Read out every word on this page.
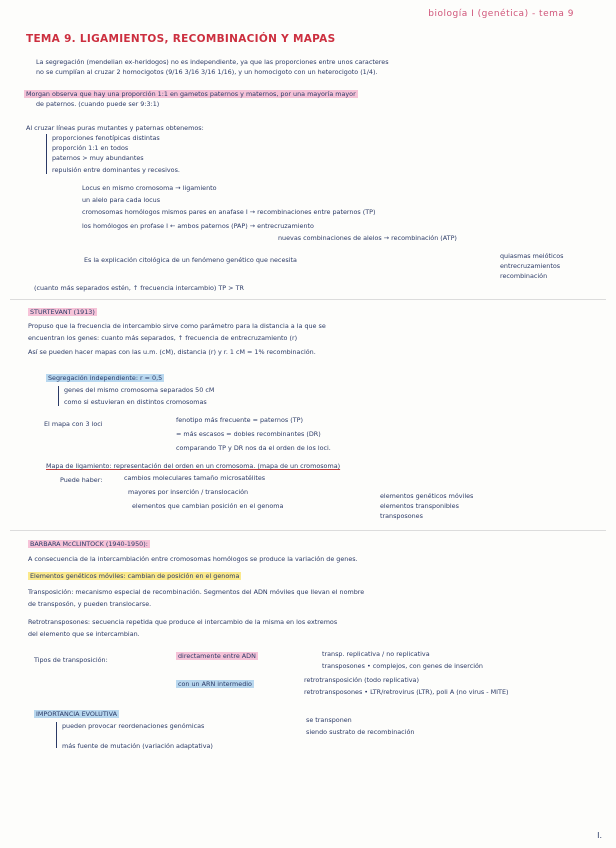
biología I (genética) - tema 9
TEMA 9. LIGAMIENTOS, RECOMBINACIÓN Y MAPAS
La segregación (mendelian ex-heridogos) no es independiente, ya que las proporciones entre unos caracteres
no se cumplían al cruzar 2 homocigotos (9/16 3/16 3/16 1/16), y un homocigoto con un heterocigoto (1/4).
Morgan observa que hay una proporción 1:1 en gametos paternos y maternos, por una mayoría mayor
de paternos. (cuando puede ser 9:3:1)
Al cruzar líneas puras mutantes y paternas obtenemos:
proporciones fenotípicas distintas
proporción 1:1 en todos
paternos > muy abundantes
repulsión entre dominantes y recesivos.
Locus en mismo cromosoma → ligamiento
un alelo para cada locus
cromosomas homólogos mismos pares en anafase I → recombinaciones entre paternos (TP)
los homólogos en profase I ← ambos paternos (PAP) → entrecruzamiento
nuevas combinaciones de alelos → recombinación (ATP)
Es la explicación citológica de un fenómeno genético que necesita	quiasmas meióticos
entrecruzamientos
recombinación
(cuanto más separados estén, ↑ frecuencia intercambio) TP > TR
STURTEVANT (1913)
Propuso que la frecuencia de intercambio sirve como parámetro para la distancia a la que se
encuentran los genes: cuanto más separados, ↑ frecuencia de entrecruzamiento (r)
Así se pueden hacer mapas con las u.m. (cM), distancia (r) y r. 1 cM = 1% recombinación.
Segregación independiente: r = 0,5
genes del mismo cromosoma separados 50 cM
como si estuvieran en distintos cromosomas
El mapa con 3 loci	fenotipo más frecuente = paternos (TP)
= más escasos = dobles recombinantes (DR)
comparando TP y DR nos da el orden de los loci.
Mapa de ligamiento: representación del orden en un cromosoma. (mapa de un cromosoma)
Puede haber:	cambios moleculares tamaño microsatélites
mayores por inserción / translocación
elementos que cambian posición en el genoma
elementos genéticos móviles
elementos transponibles
transposones
BARBARA McCLINTOCK (1940-1950):
A consecuencia de la intercambiación entre cromosomas homólogos se produce la variación de genes.
Elementos genéticos móviles: cambian de posición en el genoma
Transposición: mecanismo especial de recombinación. Segmentos del ADN móviles que llevan el nombre
de transposón, y pueden translocarse.
Retrotransposones: secuencia repetida que produce el intercambio de la misma en los extremos
del elemento que se intercambian.
Tipos de transposición:	directamente entre ADN	transp. replicativa / no replicativa
transposones • complejos, con genes de inserción
con un ARN intermedio	retrotransposición (todo replicativa)
retrotransposones • LTR/retrovirus (LTR), poli A (no virus - MITE)
IMPORTANCIA EVOLUTIVA
pueden provocar reordenaciones genómicas
se transponen
siendo sustrato de recombinación
más fuente de mutación (variación adaptativa)
I.
